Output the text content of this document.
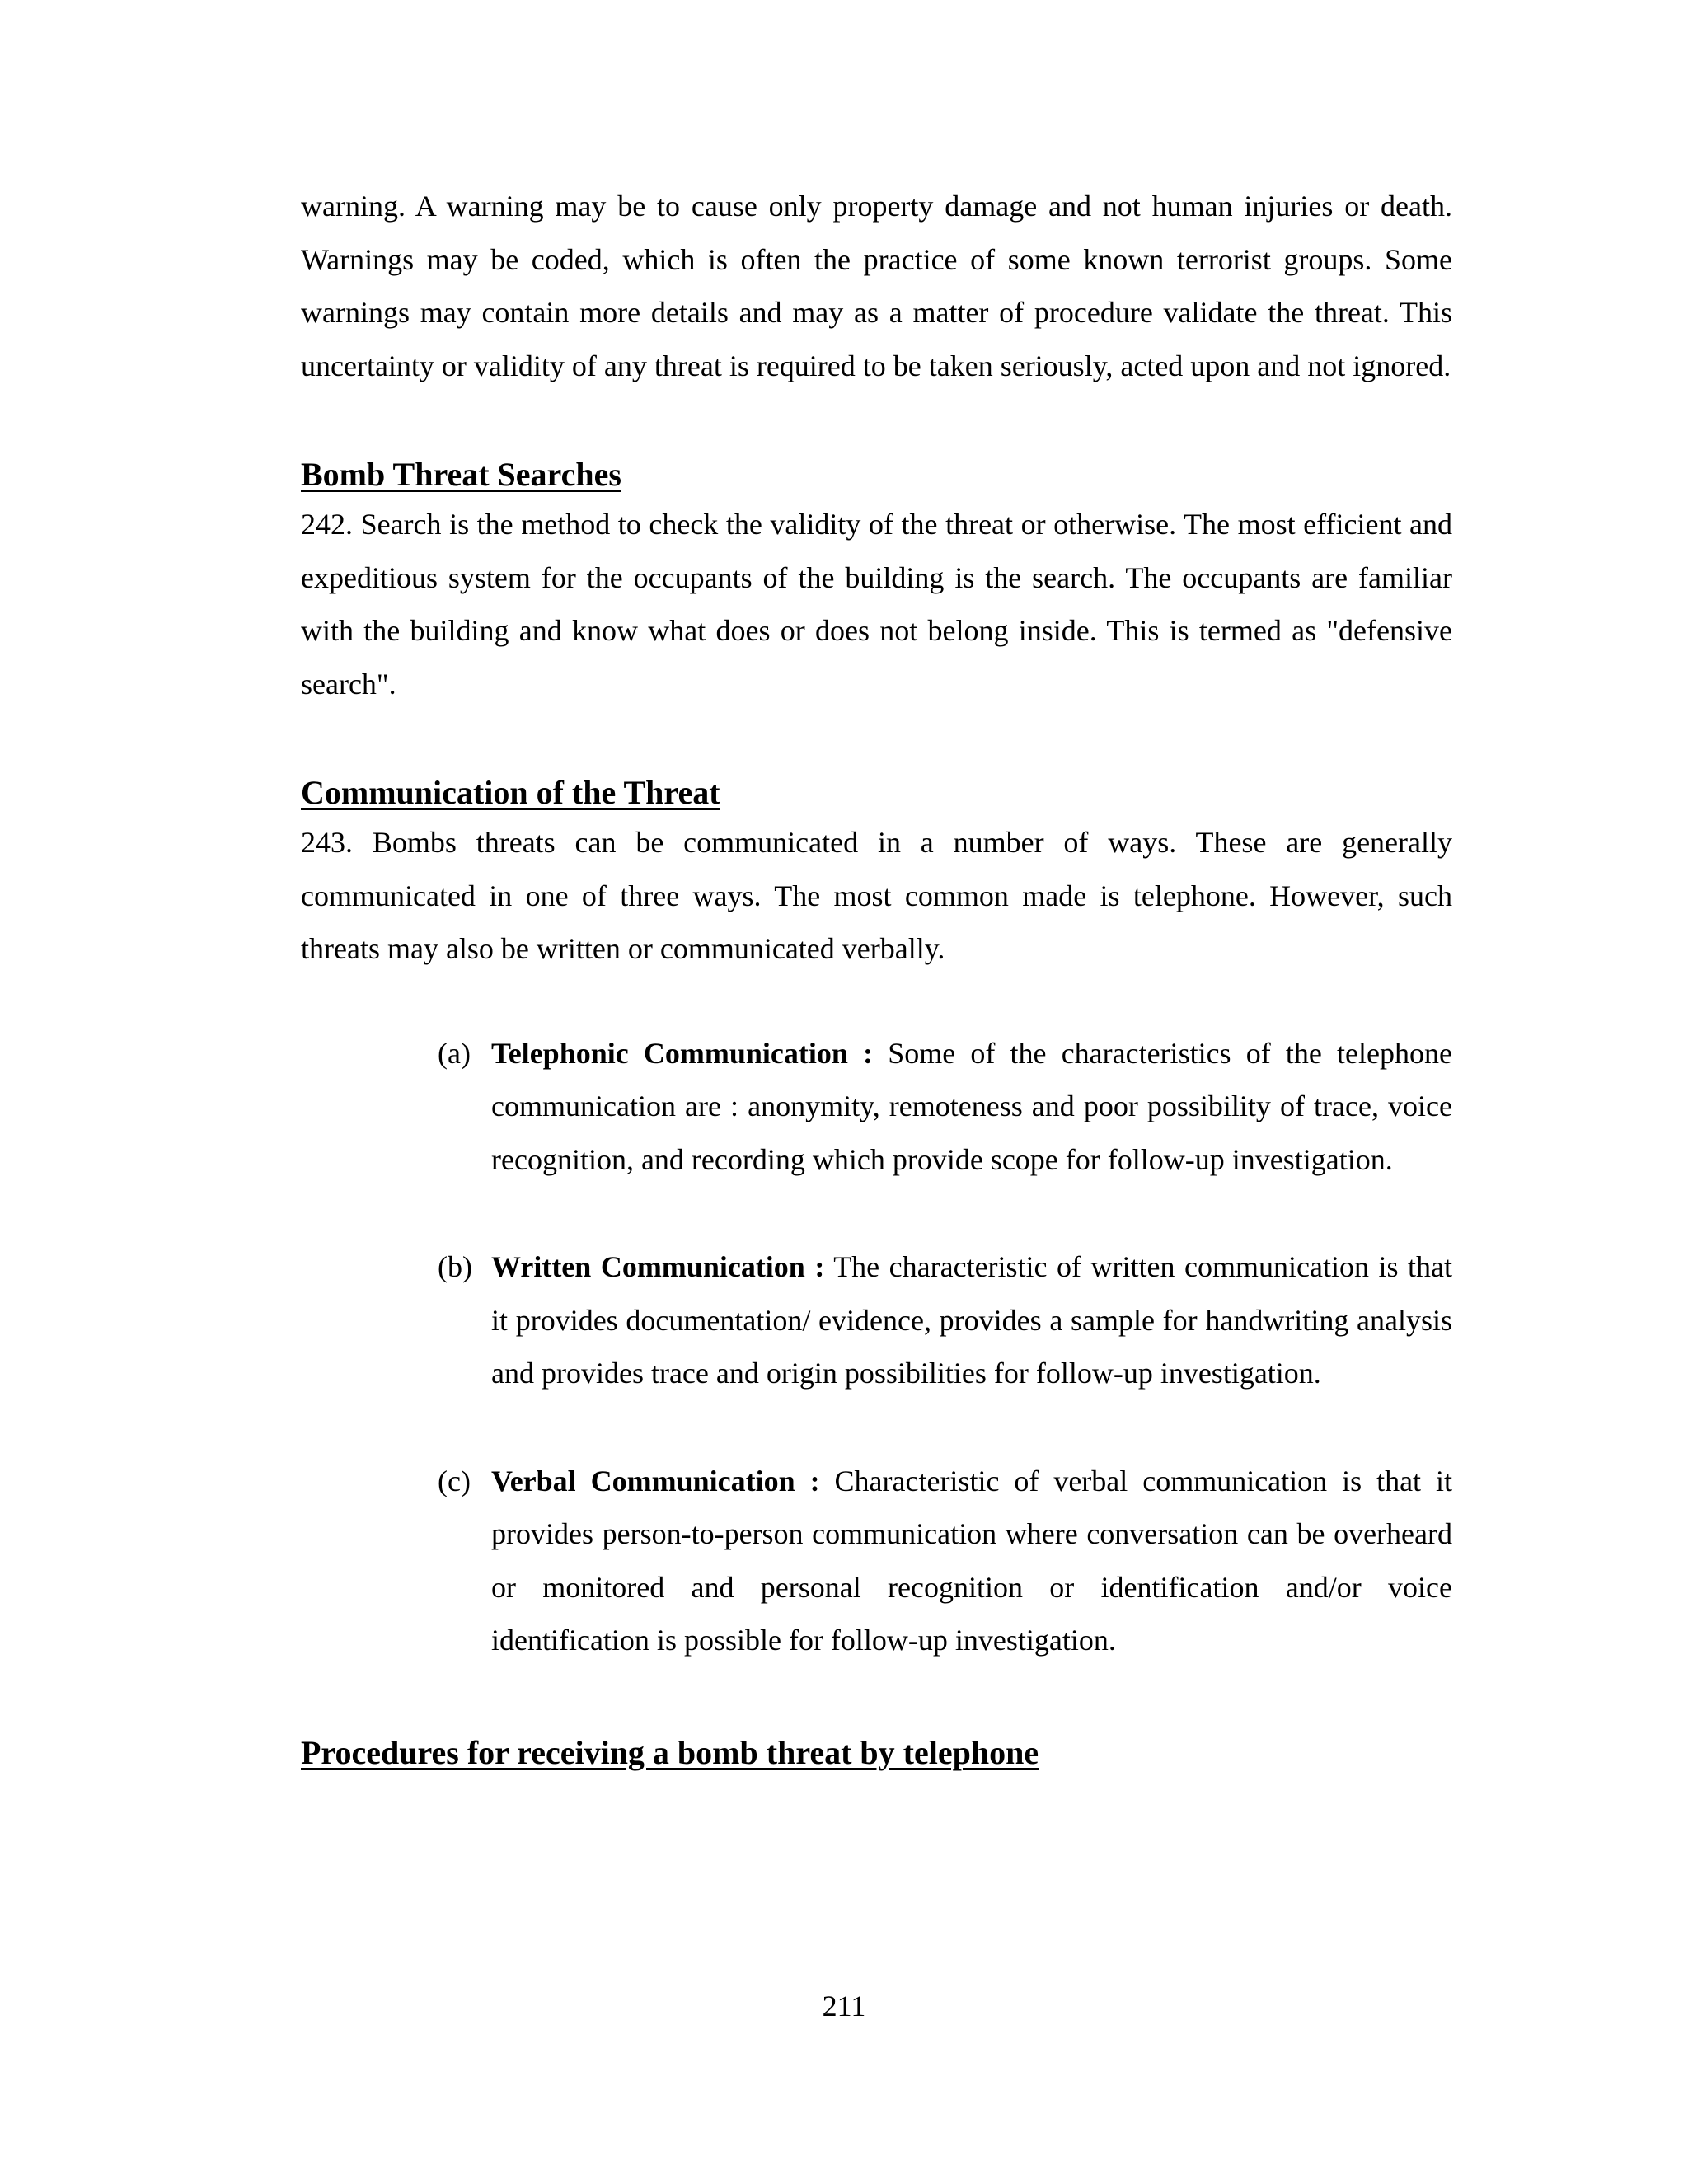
warning. A warning may be to cause only property damage and not human injuries or death. Warnings may be coded, which is often the practice of some known terrorist groups. Some warnings may contain more details and may as a matter of procedure validate the threat. This uncertainty or validity of any threat is required to be taken seriously, acted upon and not ignored.

Bomb Threat Searches

242. Search is the method to check the validity of the threat or otherwise. The most efficient and expeditious system for the occupants of the building is the search. The occupants are familiar with the building and know what does or does not belong inside. This is termed as "defensive search".

Communication of the Threat

243. Bombs threats can be communicated in a number of ways. These are generally communicated in one of three ways. The most common made is telephone. However, such threats may also be written or communicated verbally.

(a) Telephonic Communication : Some of the characteristics of the telephone communication are : anonymity, remoteness and poor possibility of trace, voice recognition, and recording which provide scope for follow-up investigation.
(b) Written Communication : The characteristic of written communication is that it provides documentation/ evidence, provides a sample for handwriting analysis and provides trace and origin possibilities for follow-up investigation.
(c) Verbal Communication : Characteristic of verbal communication is that it provides person-to-person communication where conversation can be overheard or monitored and personal recognition or identification and/or voice identification is possible for follow-up investigation.
Procedures for receiving a bomb threat by telephone
211
